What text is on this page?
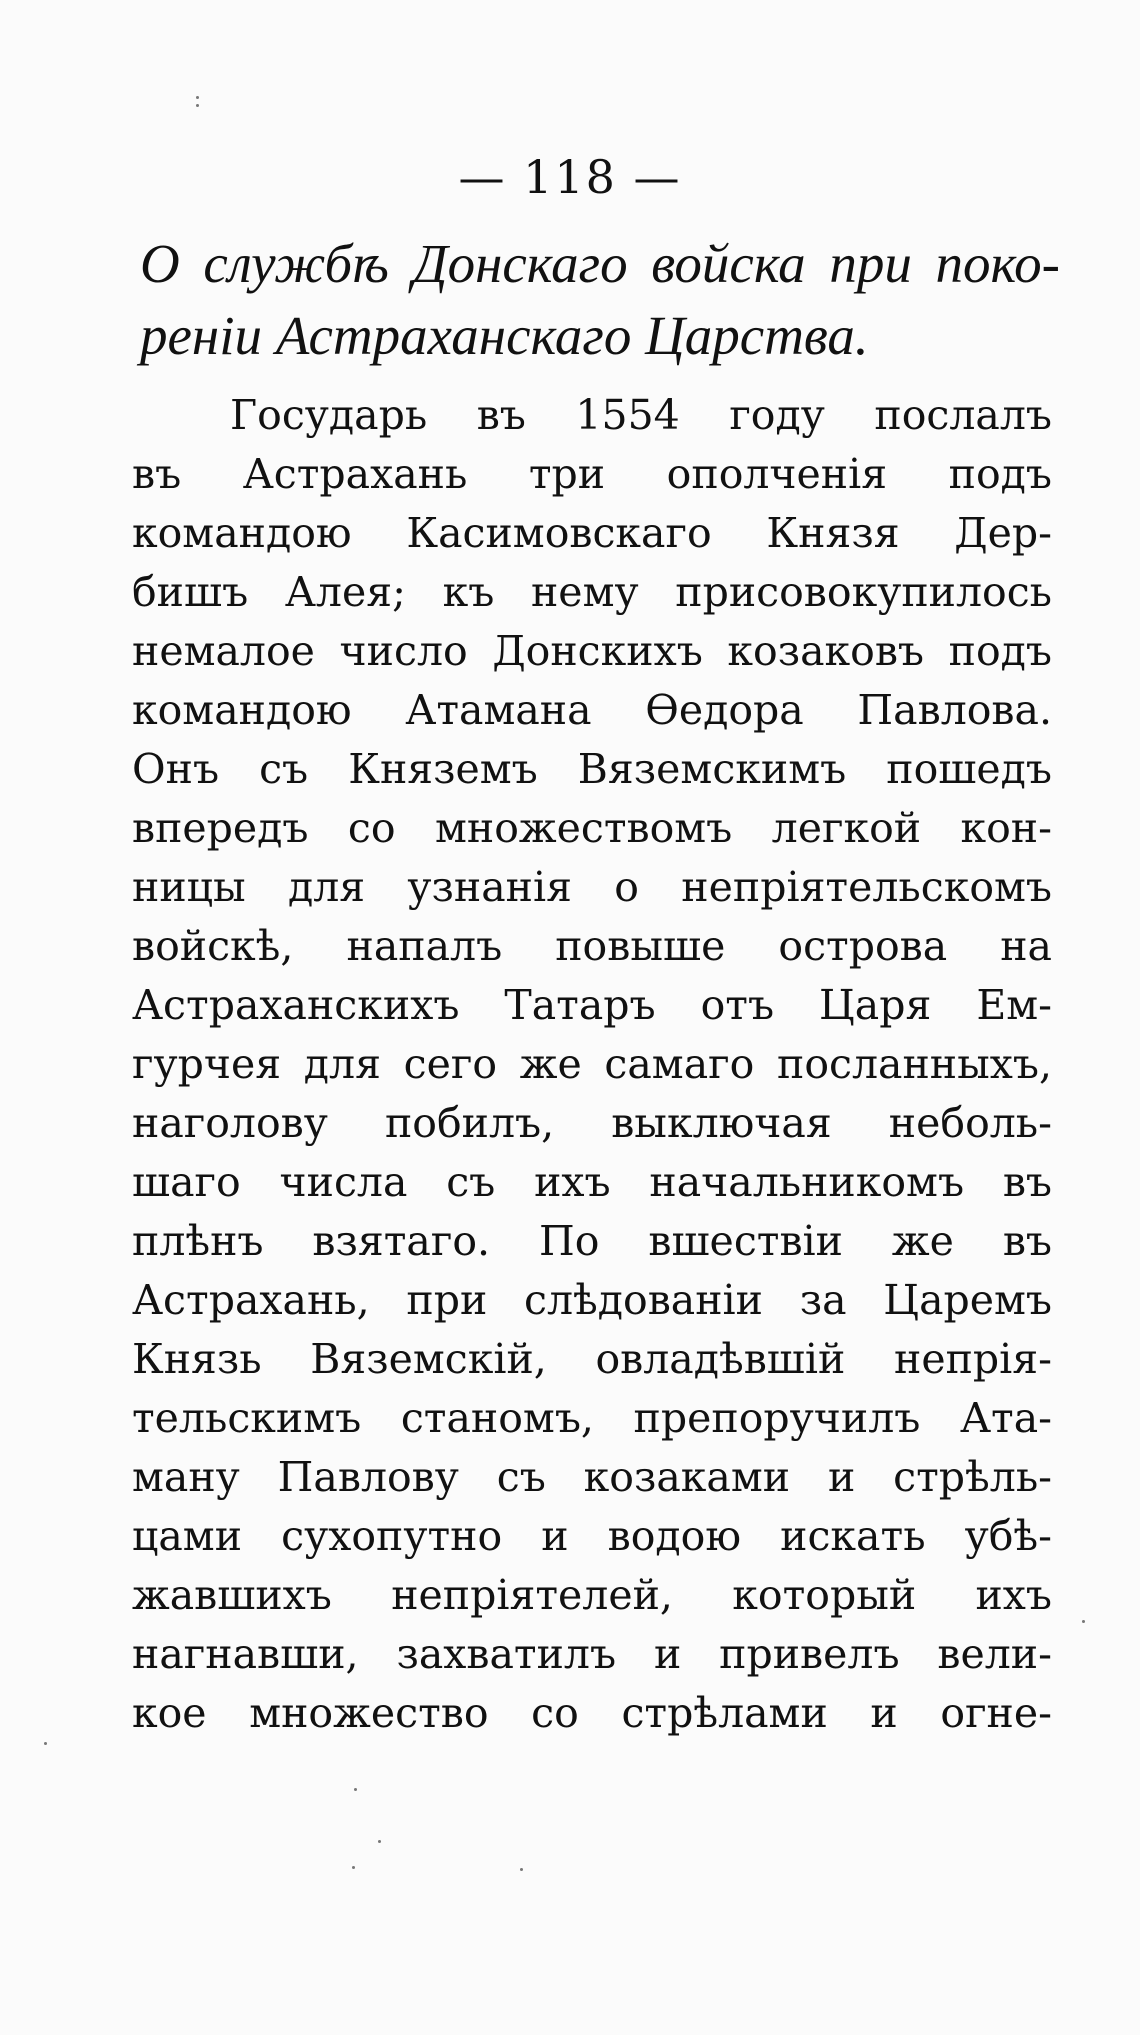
— 118 —
О службѣ Донскаго войска при поко-
реніи Астраханскаго Царства.
Государь въ 1554 году послалъ
въ Астрахань три ополченія подъ
командою Касимовскаго Князя Дер-
бишъ Алея; къ нему присовокупилось
немалое число Донскихъ козаковъ подъ
командою Атамана Өедора Павлова.
Онъ съ Княземъ Вяземскимъ пошедъ
впередъ со множествомъ легкой кон-
ницы для узнанія о непріятельскомъ
войскѣ, напалъ повыше острова на
Астраханскихъ Татаръ отъ Царя Ем-
гурчея для сего же самаго посланныхъ,
наголову побилъ, выключая неболь-
шаго числа съ ихъ начальникомъ въ
плѣнъ взятаго. По вшествіи же въ
Астрахань, при слѣдованіи за Царемъ
Князь Вяземскій, овладѣвшій непрія-
тельскимъ станомъ, препоручилъ Ата-
ману Павлову съ козаками и стрѣль-
цами сухопутно и водою искать убѣ-
жавшихъ непріятелей, который ихъ
нагнавши, захватилъ и привелъ вели-
кое множество со стрѣлами и огне-
